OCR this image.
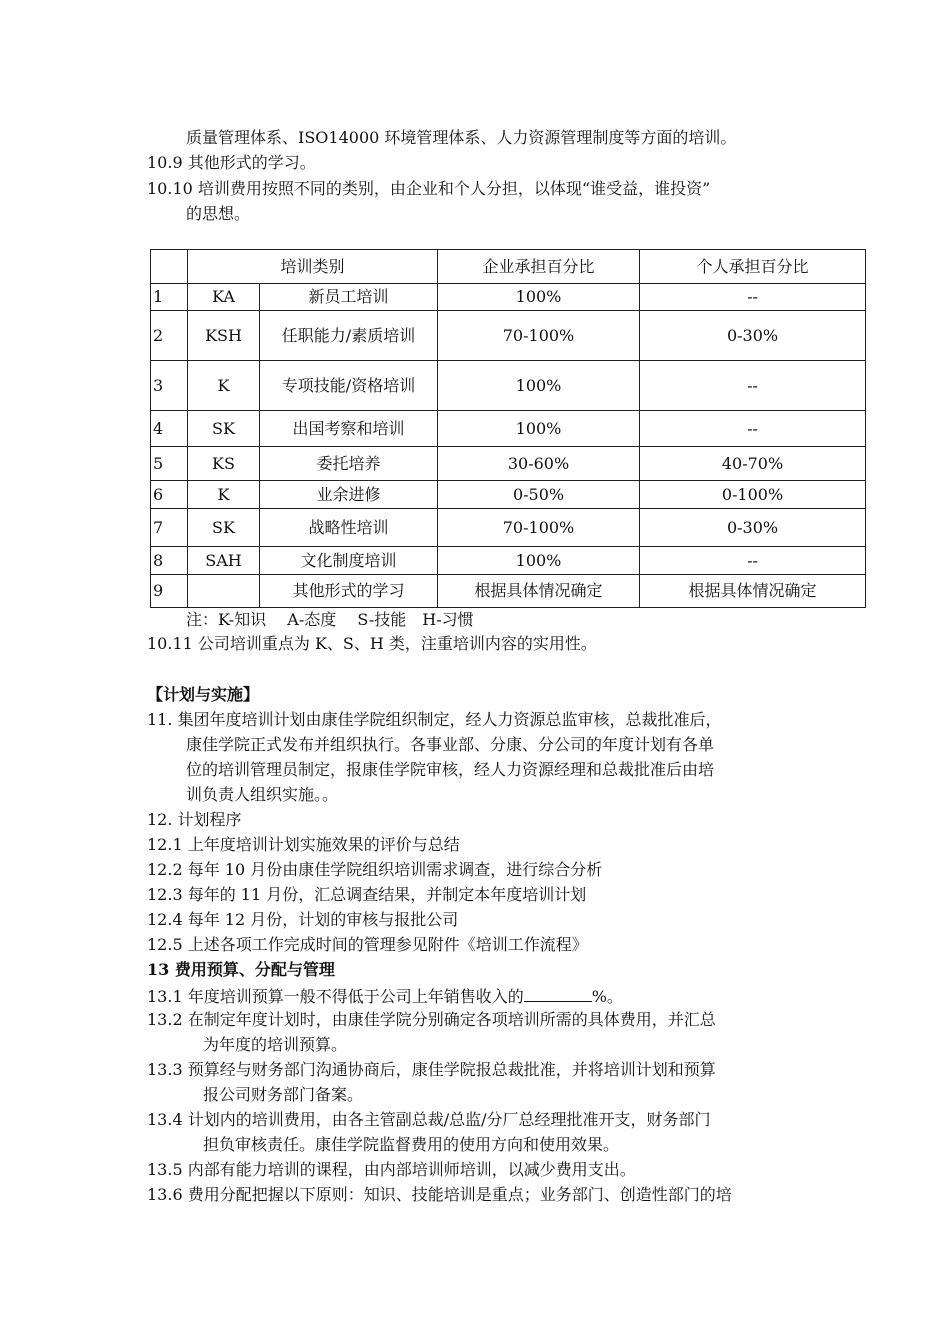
质量管理体系、ISO14000 环境管理体系、人力资源管理制度等方面的培训。
10.9 其他形式的学习。
10.10 培训费用按照不同的类别，由企业和个人分担，以体现“谁受益，谁投资”
的思想。
	培训类别		企业承担百分比	个人承担百分比
1	KA	新员工培训	100%	--
2	KSH	任职能力/素质培训	70-100%	0-30%
3	K	专项技能/资格培训	100%	--
4	SK	出国考察和培训	100%	--
5	KS	委托培养	30-60%	40-70%
6	K	业余进修	0-50%	0-100%
7	SK	战略性培训	70-100%	0-30%
8	SAH	文化制度培训	100%	--
9		其他形式的学习	根据具体情况确定	根据具体情况确定
注：K-知识　 A-态度　 S-技能　H-习惯
10.11 公司培训重点为 K、S、H 类，注重培训内容的实用性。
【计划与实施】
11. 集团年度培训计划由康佳学院组织制定，经人力资源总监审核，总裁批准后，
康佳学院正式发布并组织执行。各事业部、分康、分公司的年度计划有各单
位的培训管理员制定，报康佳学院审核，经人力资源经理和总裁批准后由培
训负责人组织实施。。
12. 计划程序
12.1 上年度培训计划实施效果的评价与总结
12.2 每年 10 月份由康佳学院组织培训需求调查，进行综合分析
12.3 每年的 11 月份，汇总调查结果，并制定本年度培训计划
12.4 每年 12 月份，计划的审核与报批公司
12.5 上述各项工作完成时间的管理参见附件《培训工作流程》
13 费用预算、分配与管理
13.1 年度培训预算一般不得低于公司上年销售收入的	%。
13.2 在制定年度计划时，由康佳学院分别确定各项培训所需的具体费用，并汇总
为年度的培训预算。
13.3 预算经与财务部门沟通协商后，康佳学院报总裁批准，并将培训计划和预算
报公司财务部门备案。
13.4 计划内的培训费用，由各主管副总裁/总监/分厂总经理批准开支，财务部门
担负审核责任。康佳学院监督费用的使用方向和使用效果。
13.5 内部有能力培训的课程，由内部培训师培训，以减少费用支出。
13.6 费用分配把握以下原则：知识、技能培训是重点；业务部门、创造性部门的培
